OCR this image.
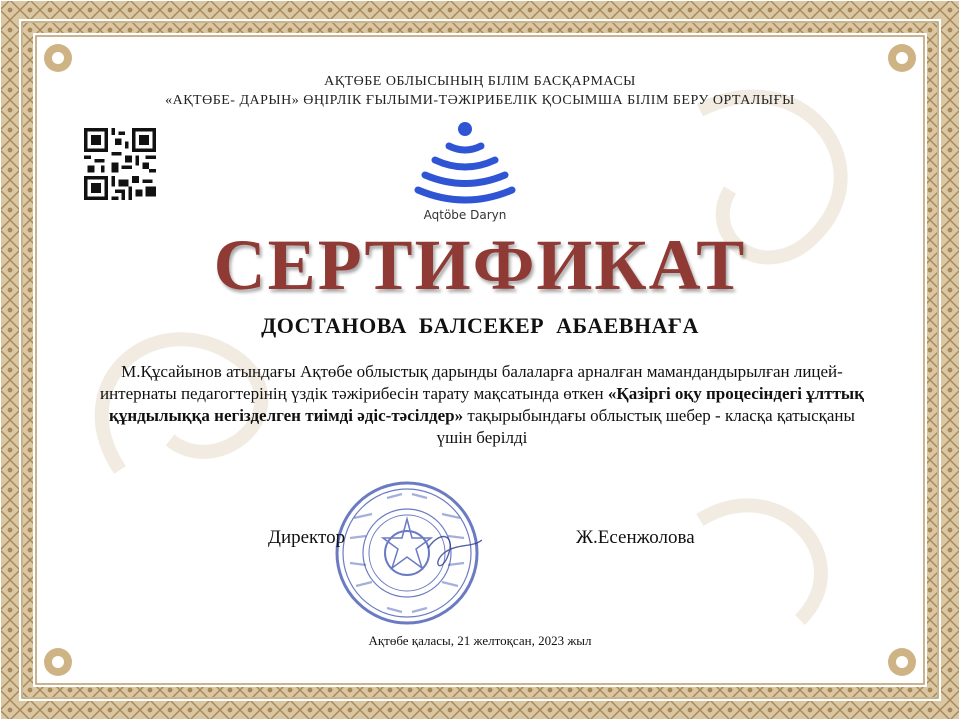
АҚТӨБЕ ОБЛЫСЫНЫҢ БІЛІМ БАСҚАРМАСЫ
«АҚТӨБЕ- ДАРЫН» ӨҢІРЛІК ҒЫЛЫМИ-ТӘЖІРИБЕЛІК ҚОСЫМША БІЛІМ БЕРУ ОРТАЛЫҒЫ
Aqtöbe Daryn
СЕРТИФИКАТ
ДОСТАНОВА БАЛСЕКЕР АБАЕВНАҒА
М.Құсайынов атындағы Ақтөбе облыстық дарынды балаларға арналған мамандандырылған лицей-интернаты педагогтерінің үздік тәжірибесін тарату мақсатында өткен «Қазіргі оқу процесіндегі ұлттық құндылыққа негізделген тиімді әдіс-тәсілдер» тақырыбындағы облыстық шебер - класқа қатысқаны үшін берілді
Директор	Ж.Есенжолова
Ақтөбе қаласы, 21 желтоқсан, 2023 жыл
